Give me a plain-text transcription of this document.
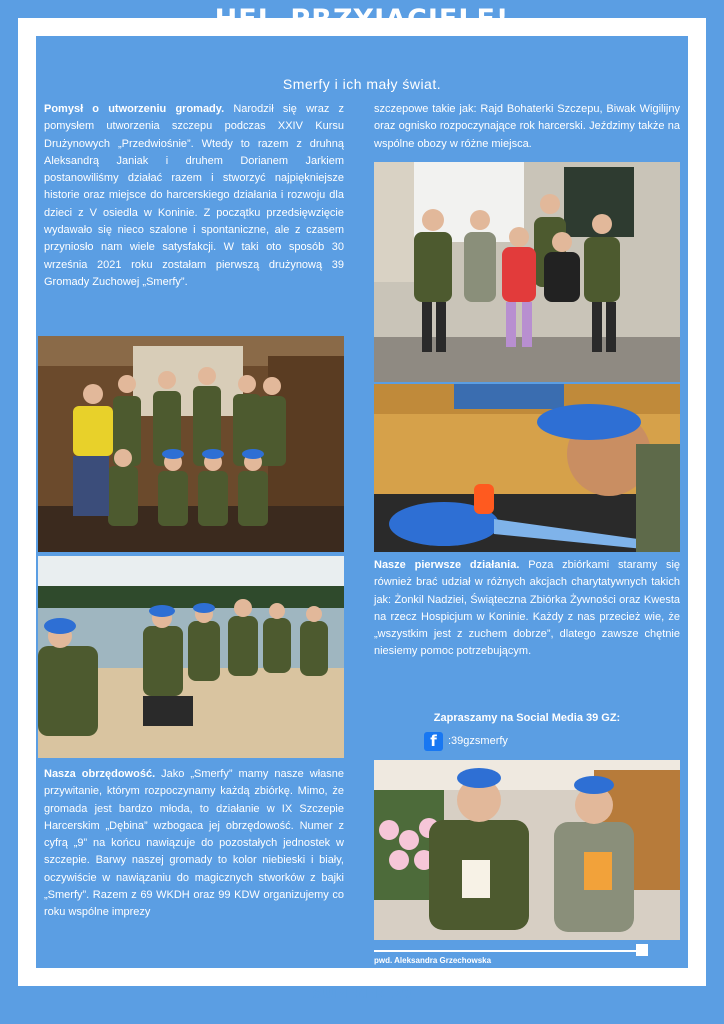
HEJ, PRZYJACIELE!
Smerfy i ich mały świat.
Pomysł o utworzeniu gromady. Narodził się wraz z pomysłem utworzenia szczepu podczas XXIV Kursu Drużynowych „Przedwiośnie”. Wtedy to razem z druhną Aleksandrą Janiak i druhem Dorianem Jarkiem postanowiliśmy działać razem i stworzyć najpiękniejsze historie oraz miejsce do harcerskiego działania i rozwoju dla dzieci z V osiedla w Koninie. Z początku przedsięwzięcie wydawało się nieco szalone i spontaniczne, ale z czasem przyniosło nam wiele satysfakcji. W taki oto sposób 30 września 2021 roku zostałam pierwszą drużynową 39 Gromady Zuchowej „Smerfy”.
szczepowe takie jak: Rajd Bohaterki Szczepu, Biwak Wigilijny oraz ognisko rozpoczynające rok harcerski. Jeździmy także na wspólne obozy w różne miejsca.
Nasze pierwsze działania. Poza zbiórkami staramy się również brać udział w różnych akcjach charytatywnych takich jak: Żonkil Nadziei, Świąteczna Zbiórka Żywności oraz Kwesta na rzecz Hospicjum w Koninie. Każdy z nas przecież wie, że „wszystkim jest z zuchem dobrze”, dlatego zawsze chętnie niesiemy pomoc potrzebującym.
Zapraszamy na Social Media 39 GZ:
f	:39gzsmerfy
Nasza obrzędowość. Jako „Smerfy” mamy nasze własne przywitanie, którym rozpoczynamy każdą zbiórkę. Mimo, że gromada jest bardzo młoda, to działanie w IX Szczepie Harcerskim „Dębina” wzbogaca jej obrzędowość. Numer z cyfrą „9” na końcu nawiązuje do pozostałych jednostek w szczepie. Barwy naszej gromady to kolor niebieski i biały, oczywiście w nawiązaniu do magicznych stworków z bajki „Smerfy”. Razem z 69 WKDH oraz 99 KDW organizujemy co roku wspólne imprezy
pwd. Aleksandra Grzechowska
Drużynowa 39 GZ "Smerfy" w Koninie
SUPEŁEK 20
